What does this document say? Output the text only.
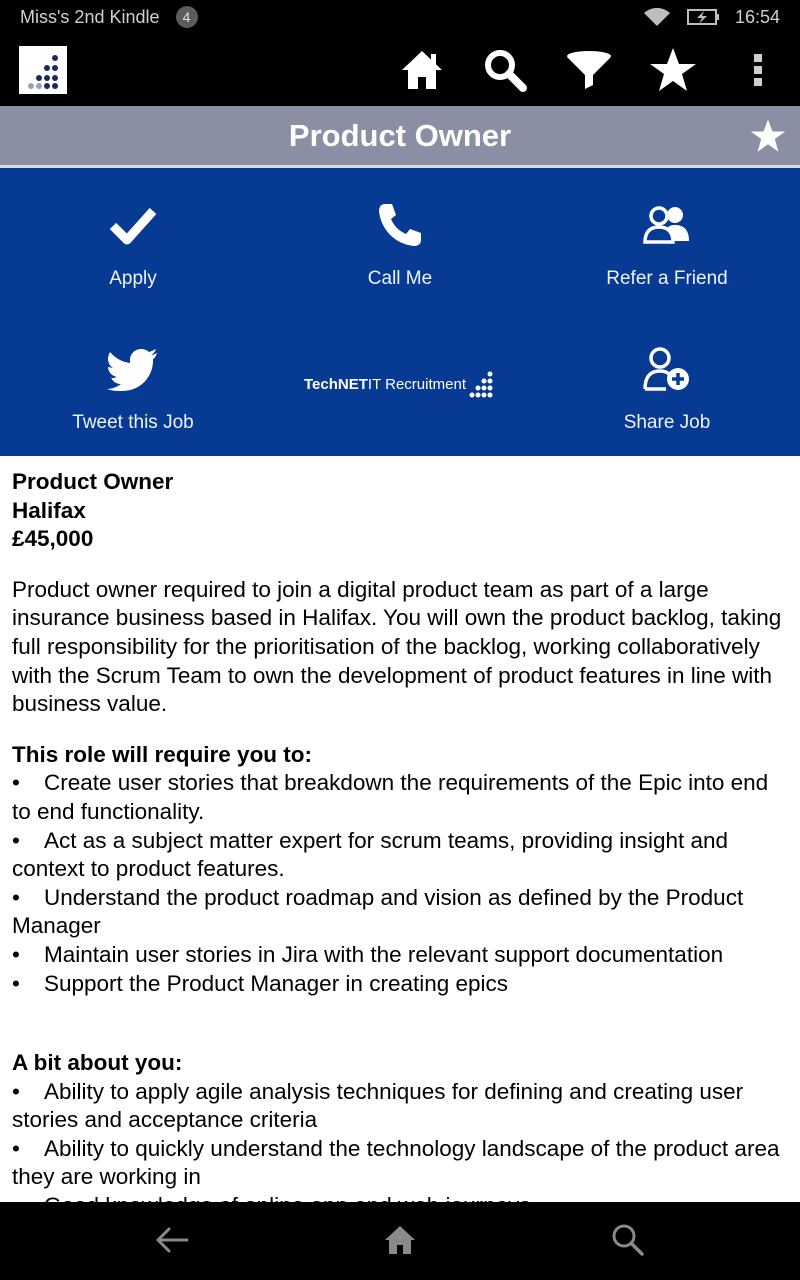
Miss's 2nd Kindle	4	16:54
Product Owner
Apply	Call Me	Refer a Friend
Tweet this Job
TechNET IT Recruitment
Share Job

Product Owner

Halifax

£45,000

Product owner required to join a digital product team as part of a large insurance business based in Halifax. You will own the product backlog, taking full responsibility for the prioritisation of the backlog, working collaboratively with the Scrum Team to own the development of product features in line with business value.

This role will require you to:

• Create user stories that breakdown the requirements of the Epic into end to end functionality.
• Act as a subject matter expert for scrum teams, providing insight and context to product features.
• Understand the product roadmap and vision as defined by the Product Manager
• Maintain user stories in Jira with the relevant support documentation
• Support the Product Manager in creating epics

A bit about you:

• Ability to apply agile analysis techniques for defining and creating user stories and acceptance criteria
• Ability to quickly understand the technology landscape of the product area they are working in
